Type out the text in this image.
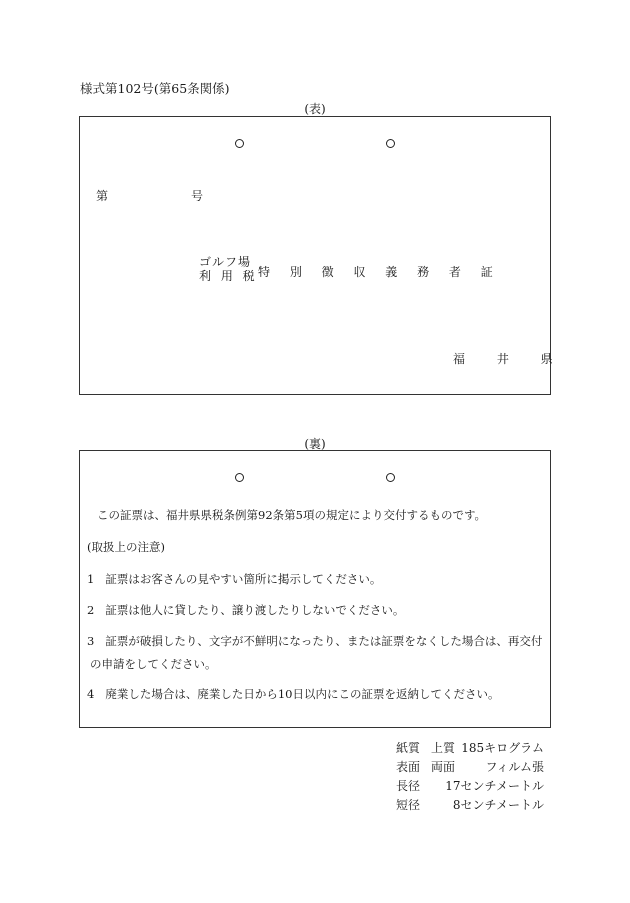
様式第102号(第65条関係)
(表)
第	号
ゴルフ場
利 用 税 特 別 徴 収 義 務 者 証
福 井 県
(裏)
この証票は、福井県県税条例第92条第5項の規定により交付するものです。
(取扱上の注意)
1 証票はお客さんの見やすい箇所に掲示してください。
2 証票は他人に貸したり、譲り渡したりしないでください。
3 証票が破損したり、文字が不鮮明になったり、または証票をなくした場合は、再交付
の申請をしてください。
4 廃業した場合は、廃業した日から10日以内にこの証票を返納してください。
紙質 上質 185キログラム
表面 両面	フィルム張
長径 17センチメートル
短径	8センチメートル
